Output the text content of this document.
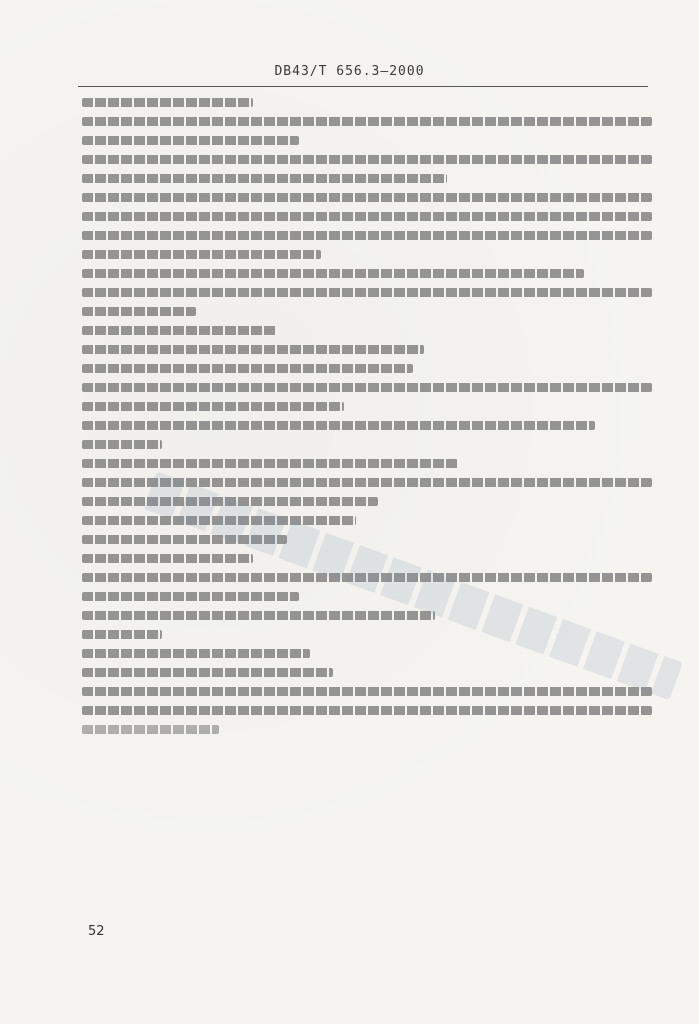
DB43/T 656.3—2000
52
